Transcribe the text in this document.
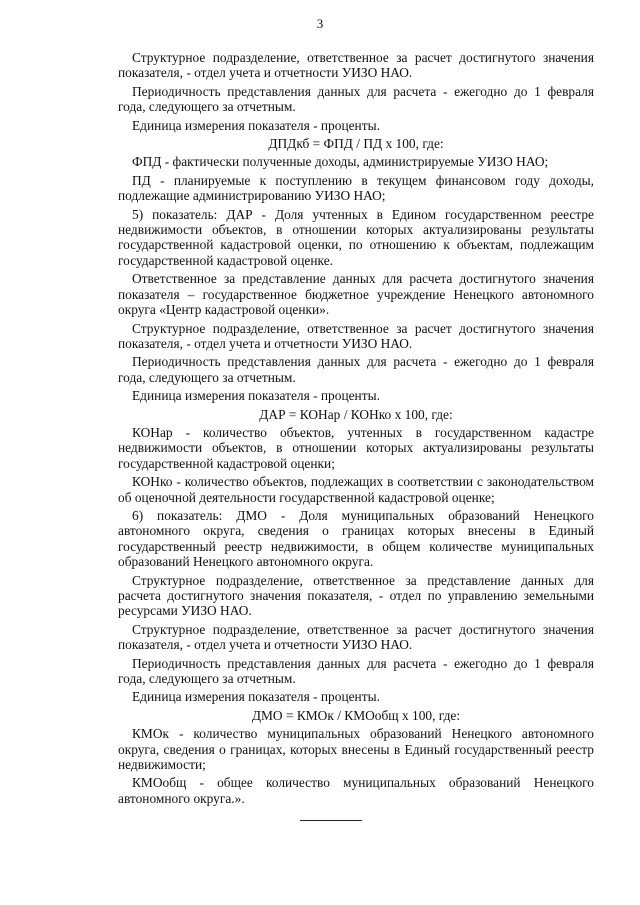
3

Структурное подразделение, ответственное за расчет достигнутого значения показателя, - отдел учета и отчетности УИЗО НАО.

Периодичность представления данных для расчета - ежегодно до 1 февраля года, следующего за отчетным.

Единица измерения показателя - проценты.

ДПДкб = ФПД / ПД x 100, где:

ФПД - фактически полученные доходы, администрируемые УИЗО НАО;

ПД - планируемые к поступлению в текущем финансовом году доходы, подлежащие администрированию УИЗО НАО;

5) показатель: ДАР - Доля учтенных в Едином государственном реестре недвижимости объектов, в отношении которых актуализированы результаты государственной кадастровой оценки, по отношению к объектам, подлежащим государственной кадастровой оценке.

Ответственное за представление данных для расчета достигнутого значения показателя – государственное бюджетное учреждение Ненецкого автономного округа «Центр кадастровой оценки».

Структурное подразделение, ответственное за расчет достигнутого значения показателя, - отдел учета и отчетности УИЗО НАО.

Периодичность представления данных для расчета - ежегодно до 1 февраля года, следующего за отчетным.

Единица измерения показателя - проценты.

ДАР = КОНар / КОНко x 100, где:

КОНар - количество объектов, учтенных в государственном кадастре недвижимости объектов, в отношении которых актуализированы результаты государственной кадастровой оценки;

КОНко - количество объектов, подлежащих в соответствии с законодательством об оценочной деятельности государственной кадастровой оценке;

6) показатель: ДМО - Доля муниципальных образований Ненецкого автономного округа, сведения о границах которых внесены в Единый государственный реестр недвижимости, в общем количестве муниципальных образований Ненецкого автономного округа.

Структурное подразделение, ответственное за представление данных для расчета достигнутого значения показателя, - отдел по управлению земельными ресурсами УИЗО НАО.

Структурное подразделение, ответственное за расчет достигнутого значения показателя, - отдел учета и отчетности УИЗО НАО.

Периодичность представления данных для расчета - ежегодно до 1 февраля года, следующего за отчетным.

Единица измерения показателя - проценты.

ДМО = КМОк / КМОобщ x 100, где:

КМОк - количество муниципальных образований Ненецкого автономного округа, сведения о границах, которых внесены в Единый государственный реестр недвижимости;

КМОобщ - общее количество муниципальных образований Ненецкого автономного округа.».
